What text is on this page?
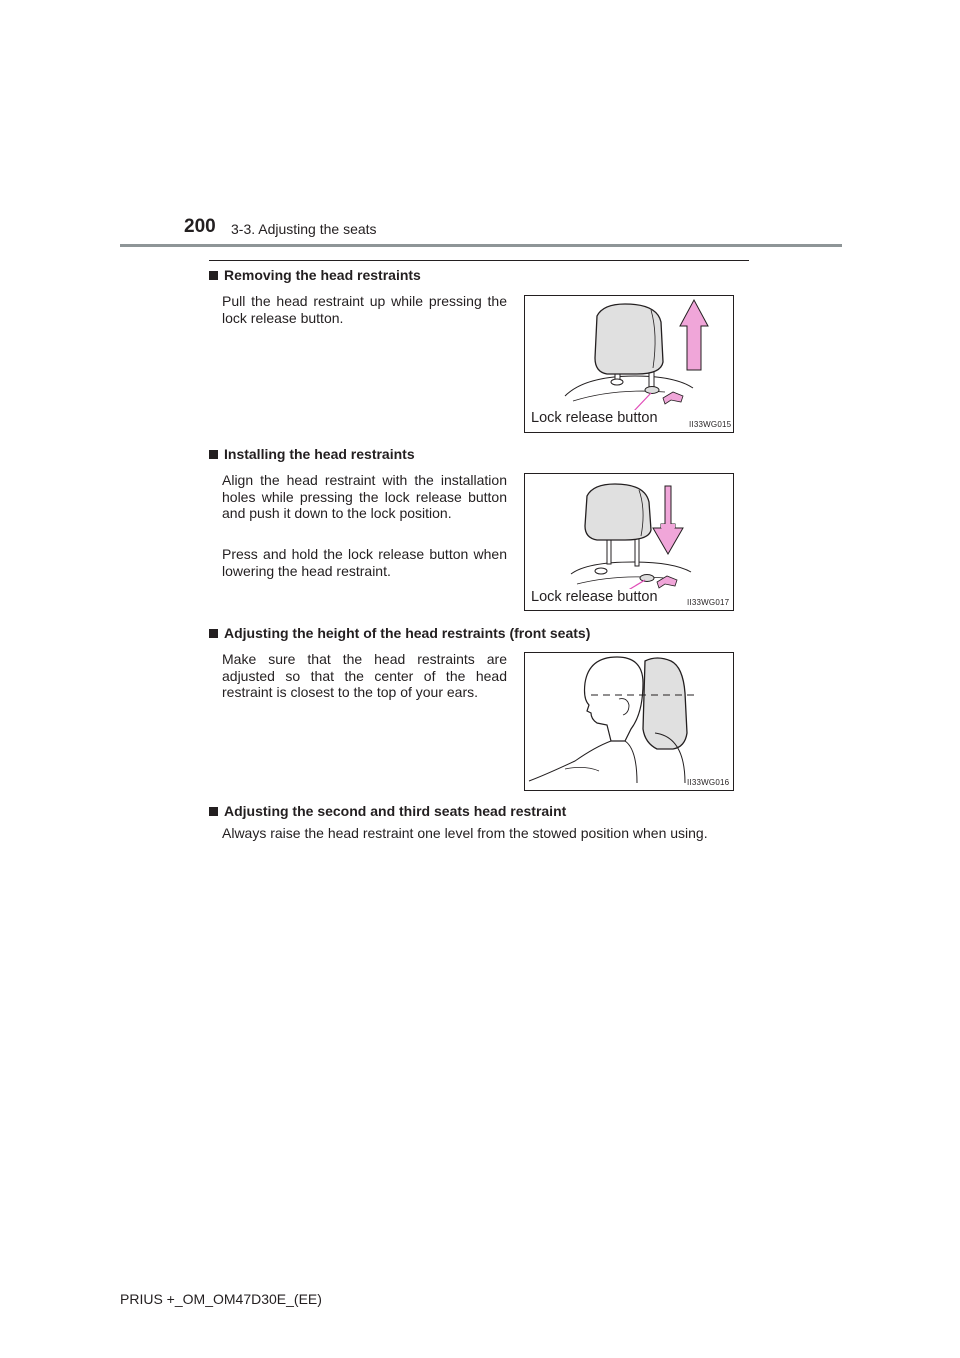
200 3-3. Adjusting the seats
Removing the head restraints
Pull the head restraint up while pressing the lock release button.
Lock release button	II33WG015
Installing the head restraints
Align the head restraint with the installation holes while pressing the lock release button and push it down to the lock position.
Press and hold the lock release button when lowering the head restraint.
Lock release button	II33WG017
Adjusting the height of the head restraints (front seats)
Make sure that the head restraints are adjusted so that the center of the head restraint is closest to the top of your ears.
II33WG016
Adjusting the second and third seats head restraint
Always raise the head restraint one level from the stowed position when using.
PRIUS +_OM_OM47D30E_(EE)
